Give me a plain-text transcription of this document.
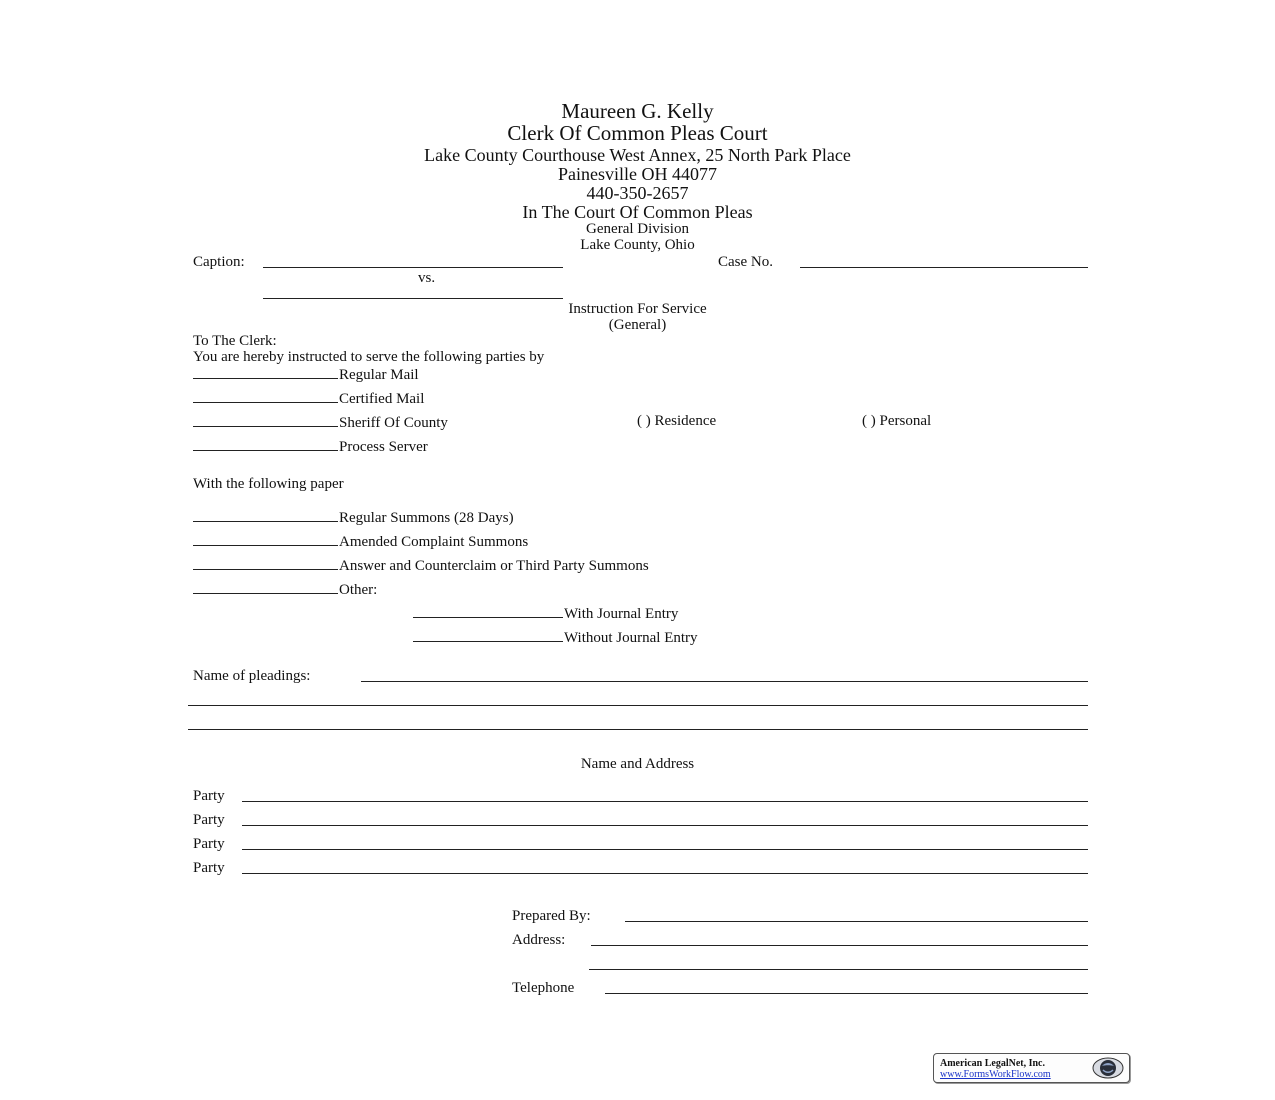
Maureen G. Kelly
Clerk Of Common Pleas Court
Lake County Courthouse West Annex, 25 North Park Place
Painesville OH 44077
440-350-2657
In The Court Of Common Pleas
General Division
Lake County, Ohio
Caption:	Case No.
vs.
Instruction For Service
(General)
To The Clerk:
You are hereby instructed to serve the following parties by
Regular Mail
Certified Mail
Sheriff Of County	( ) Residence	( ) Personal
Process Server
With the following paper
Regular Summons (28 Days)
Amended Complaint Summons
Answer and Counterclaim or Third Party Summons
Other:
With Journal Entry
Without Journal Entry
Name of pleadings:
Name and Address
Party
Party
Party
Party
Prepared By:
Address:
Telephone
American LegalNet, Inc.
www.FormsWorkFlow.com
